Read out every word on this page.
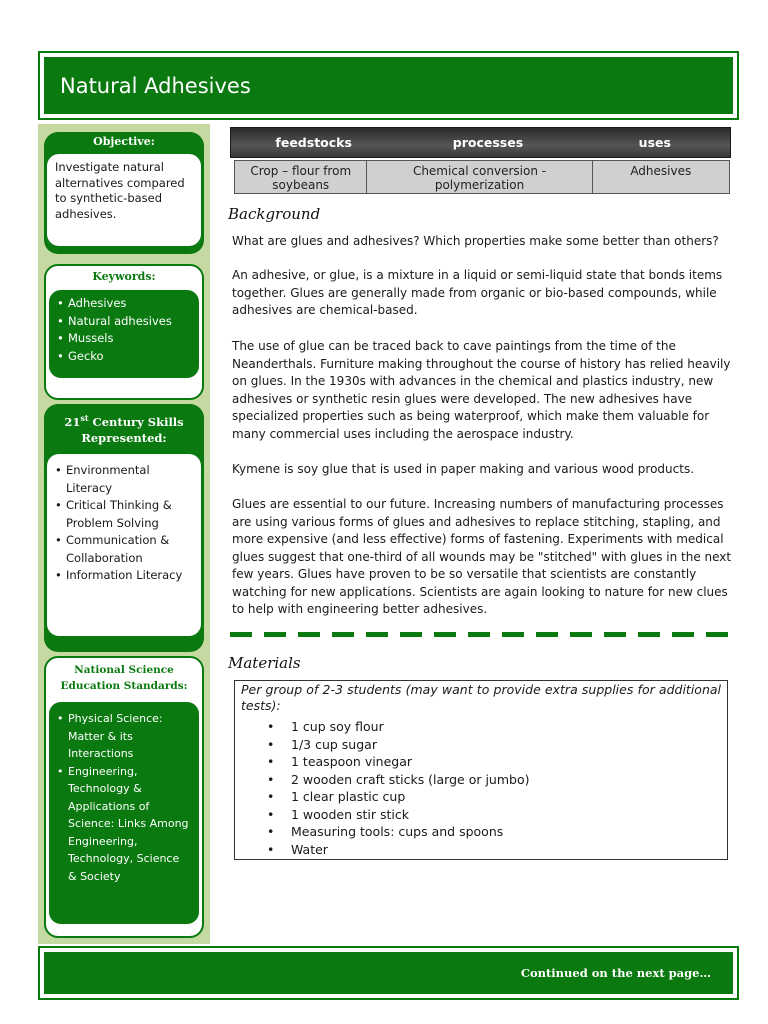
Natural Adhesives
Objective:
Investigate natural alternatives compared to synthetic-based adhesives.
Keywords:
• Adhesives
• Natural adhesives
• Mussels
• Gecko
21st Century Skills Represented:
• Environmental Literacy
• Critical Thinking & Problem Solving
• Communication & Collaboration
• Information Literacy
National Science Education Standards:
• Physical Science: Matter & its Interactions
• Engineering, Technology & Applications of Science: Links Among Engineering, Technology, Science & Society
feedstocks	processes	uses
Crop – flour from soybeans
Chemical conversion - polymerization
Adhesives
Background
What are glues and adhesives? Which properties make some better than others?
An adhesive, or glue, is a mixture in a liquid or semi-liquid state that bonds items together. Glues are generally made from organic or bio-based compounds, while adhesives are chemical-based.
The use of glue can be traced back to cave paintings from the time of the Neanderthals. Furniture making throughout the course of history has relied heavily on glues. In the 1930s with advances in the chemical and plastics industry, new adhesives or synthetic resin glues were developed. The new adhesives have specialized properties such as being waterproof, which make them valuable for many commercial uses including the aerospace industry.
Kymene is soy glue that is used in paper making and various wood products.
Glues are essential to our future. Increasing numbers of manufacturing processes are using various forms of glues and adhesives to replace stitching, stapling, and more expensive (and less effective) forms of fastening. Experiments with medical glues suggest that one-third of all wounds may be "stitched" with glues in the next few years. Glues have proven to be so versatile that scientists are constantly watching for new applications. Scientists are again looking to nature for new clues to help with engineering better adhesives.
Materials
Per group of 2-3 students (may want to provide extra supplies for additional tests):
• 1 cup soy flour
• 1/3 cup sugar
• 1 teaspoon vinegar
• 2 wooden craft sticks (large or jumbo)
• 1 clear plastic cup
• 1 wooden stir stick
• Measuring tools: cups and spoons
• Water
Continued on the next page…
